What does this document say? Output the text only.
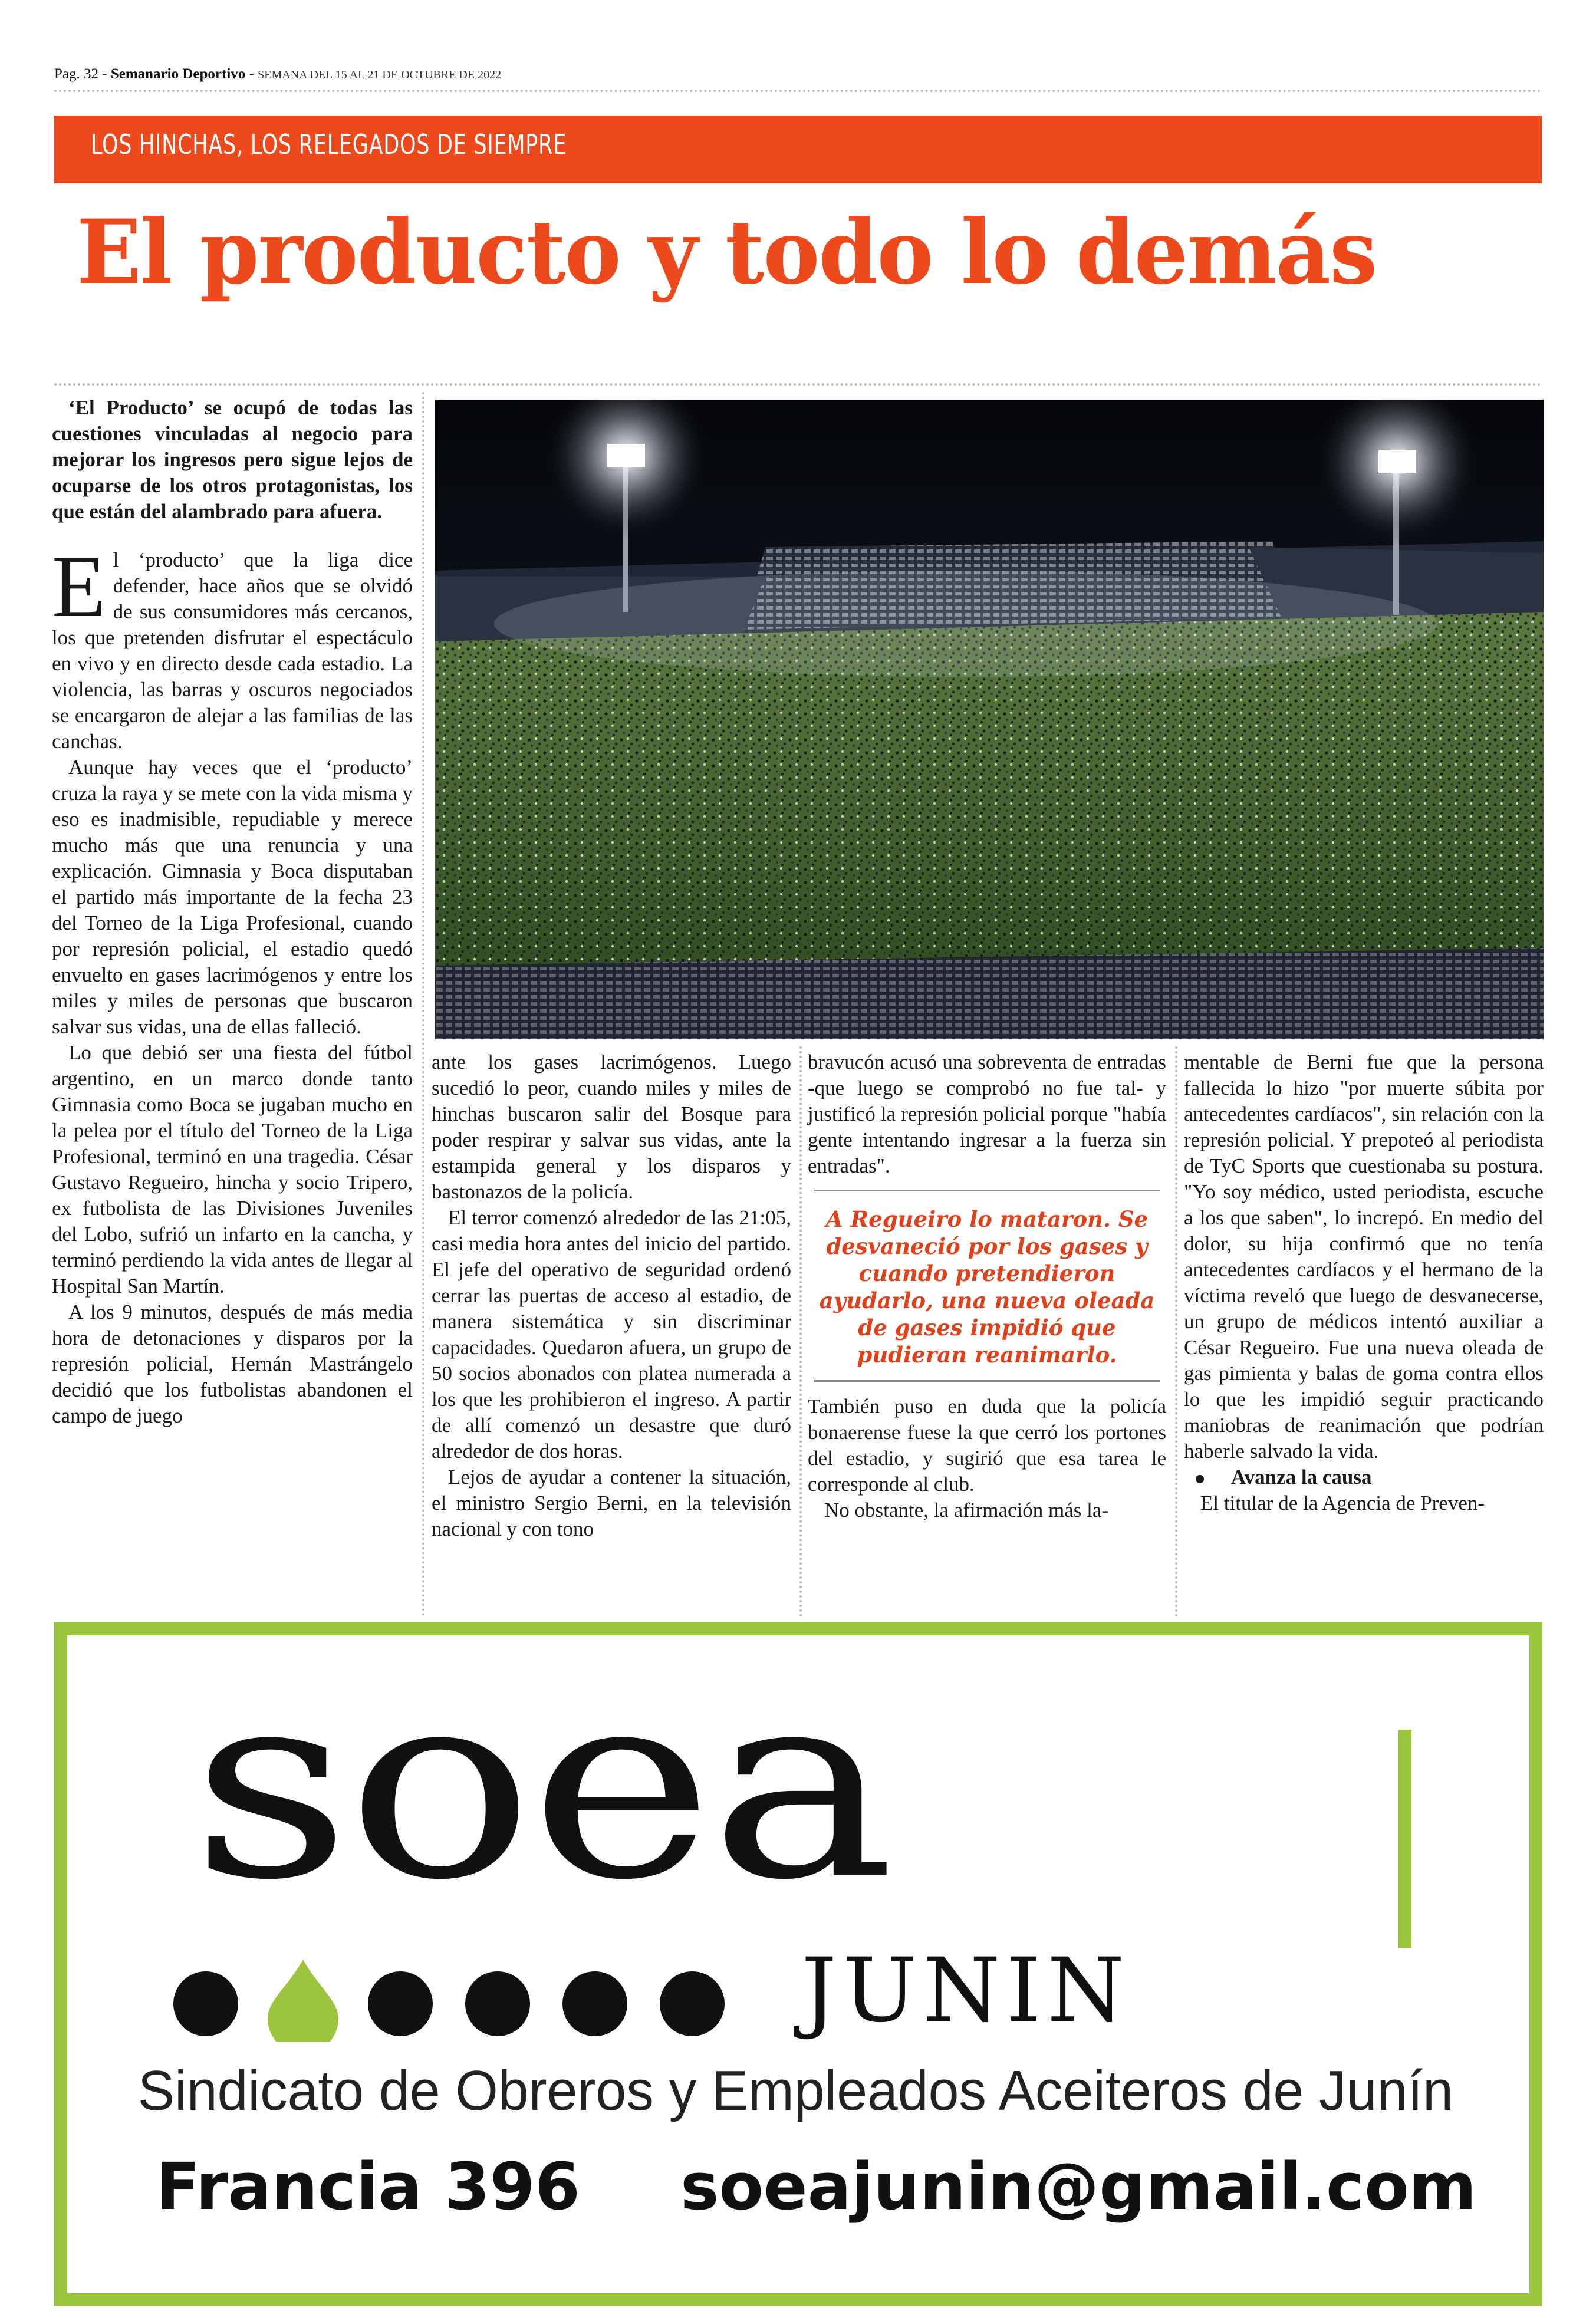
Pag. 32 - Semanario Deportivo - SEMANA DEL 15 AL 21 DE OCTUBRE DE 2022
LOS HINCHAS, LOS RELEGADOS DE SIEMPRE
El producto y todo lo demás

‘El Producto’ se ocupó de todas las cuestiones vinculadas al negocio para mejorar los ingresos pero sigue lejos de ocuparse de los otros protagonistas, los que están del alambrado para afuera.

El ‘producto’ que la liga dice defender, hace años que se olvidó de sus consumidores más cercanos, los que pretenden disfrutar el espectáculo en vivo y en directo desde cada estadio. La violencia, las barras y oscuros negociados se encargaron de alejar a las familias de las canchas.

Aunque hay veces que el ‘producto’ cruza la raya y se mete con la vida misma y eso es inadmisible, repudiable y merece mucho más que una renuncia y una explicación. Gimnasia y Boca disputaban el partido más importante de la fecha 23 del Torneo de la Liga Profesional, cuando por represión policial, el estadio quedó envuelto en gases lacrimógenos y entre los miles y miles de personas que buscaron salvar sus vidas, una de ellas falleció.

Lo que debió ser una fiesta del fútbol argentino, en un marco donde tanto Gimnasia como Boca se jugaban mucho en la pelea por el título del Torneo de la Liga Profesional, terminó en una tragedia. César Gustavo Regueiro, hincha y socio Tripero, ex futbolista de las Divisiones Juveniles del Lobo, sufrió un infarto en la cancha, y terminó perdiendo la vida antes de llegar al Hospital San Martín.

A los 9 minutos, después de más media hora de detonaciones y disparos por la represión policial, Hernán Mastrángelo decidió que los futbolistas abandonen el campo de juego

ante los gases lacrimógenos. Luego sucedió lo peor, cuando miles y miles de hinchas buscaron salir del Bosque para poder respirar y salvar sus vidas, ante la estampida general y los disparos y bastonazos de la policía.

El terror comenzó alrededor de las 21:05, casi media hora antes del inicio del partido. El jefe del operativo de seguridad ordenó cerrar las puertas de acceso al estadio, de manera sistemática y sin discriminar capacidades. Quedaron afuera, un grupo de 50 socios abonados con platea numerada a los que les prohibieron el ingreso. A partir de allí comenzó un desastre que duró alrededor de dos horas.

Lejos de ayudar a contener la situación, el ministro Sergio Berni, en la televisión nacional y con tono

bravucón acusó una sobreventa de entradas -que luego se comprobó no fue tal- y justificó la represión policial porque "había gente intentando ingresar a la fuerza sin entradas".

A Regueiro lo mataron. Se desvaneció por los gases y cuando pretendieron ayudarlo, una nueva oleada de gases impidió que pudieran reanimarlo.

También puso en duda que la policía bonaerense fuese la que cerró los portones del estadio, y sugirió que esa tarea le corresponde al club.

No obstante, la afirmación más la-

mentable de Berni fue que la persona fallecida lo hizo "por muerte súbita por antecedentes cardíacos", sin relación con la represión policial. Y prepoteó al periodista de TyC Sports que cuestionaba su postura. "Yo soy médico, usted periodista, escuche a los que saben", lo increpó. En medio del dolor, su hija confirmó que no tenía antecedentes cardíacos y el hermano de la víctima reveló que luego de desvanecerse, un grupo de médicos intentó auxiliar a César Regueiro. Fue una nueva oleada de gas pimienta y balas de goma contra ellos lo que les impidió seguir practicando maniobras de reanimación que podrían haberle salvado la vida.

Avanza la causa

El titular de la Agencia de Preven-

soea
JUNIN
Sindicato de Obreros y Empleados Aceiteros de Junín
Francia 396 soeajunin@gmail.com
